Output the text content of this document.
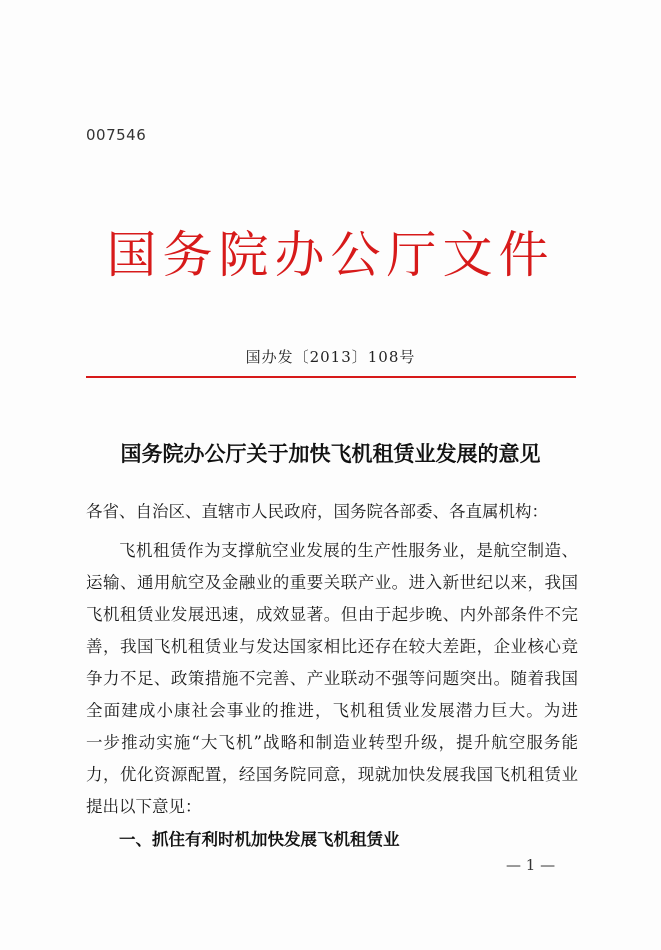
007546
国务院办公厅文件
国办发〔2013〕108号
国务院办公厅关于加快飞机租赁业发展的意见
各省、自治区、直辖市人民政府，国务院各部委、各直属机构：
飞机租赁作为支撑航空业发展的生产性服务业，是航空制造、
运输、通用航空及金融业的重要关联产业。进入新世纪以来，我国
飞机租赁业发展迅速，成效显著。但由于起步晚、内外部条件不完
善，我国飞机租赁业与发达国家相比还存在较大差距，企业核心竞
争力不足、政策措施不完善、产业联动不强等问题突出。随着我国
全面建成小康社会事业的推进，飞机租赁业发展潜力巨大。为进
一步推动实施“大飞机”战略和制造业转型升级，提升航空服务能
力，优化资源配置，经国务院同意，现就加快发展我国飞机租赁业
提出以下意见：
一、抓住有利时机加快发展飞机租赁业
— 1 —
